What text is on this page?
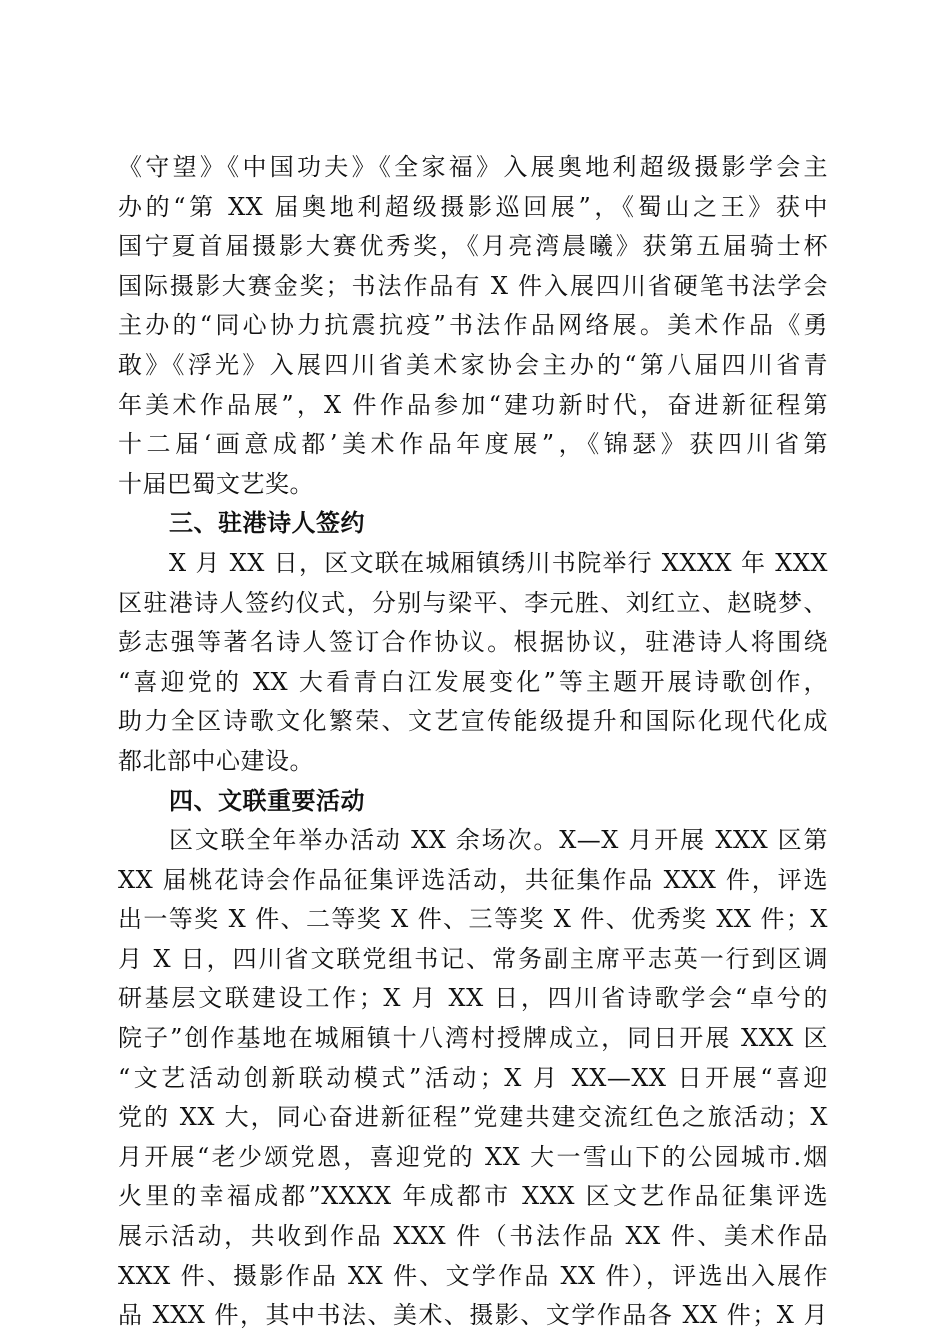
《守望》《中国功夫》《全家福》入展奥地利超级摄影学会主
办的“第 XX 届奥地利超级摄影巡回展”，《蜀山之王》获中
国宁夏首届摄影大赛优秀奖，《月亮湾晨曦》获第五届骑士杯
国际摄影大赛金奖；书法作品有 X 件入展四川省硬笔书法学会
主办的“同心协力抗震抗疫”书法作品网络展。美术作品《勇
敢》《浮光》入展四川省美术家协会主办的“第八届四川省青
年美术作品展”，X 件作品参加“建功新时代，奋进新征程第
十二届‘画意成都’美术作品年度展”，《锦瑟》获四川省第
十届巴蜀文艺奖。
三、驻港诗人签约
X 月 XX 日，区文联在城厢镇绣川书院举行 XXXX 年 XXX
区驻港诗人签约仪式，分别与梁平、李元胜、刘红立、赵晓梦、
彭志强等著名诗人签订合作协议。根据协议，驻港诗人将围绕
“喜迎党的 XX 大看青白江发展变化”等主题开展诗歌创作，
助力全区诗歌文化繁荣、文艺宣传能级提升和国际化现代化成
都北部中心建设。
四、文联重要活动
区文联全年举办活动 XX 余场次。X—X 月开展 XXX 区第
XX 届桃花诗会作品征集评选活动，共征集作品 XXX 件，评选
出一等奖 X 件、二等奖 X 件、三等奖 X 件、优秀奖 XX 件；X
月 X 日，四川省文联党组书记、常务副主席平志英一行到区调
研基层文联建设工作；X 月 XX 日，四川省诗歌学会“卓兮的
院子”创作基地在城厢镇十八湾村授牌成立，同日开展 XXX 区
“文艺活动创新联动模式”活动；X 月 XX—XX 日开展“喜迎
党的 XX 大，同心奋进新征程”党建共建交流红色之旅活动；X
月开展“老少颂党恩，喜迎党的 XX 大一雪山下的公园城市.烟
火里的幸福成都”XXXX 年成都市 XXX 区文艺作品征集评选
展示活动，共收到作品 XXX 件（书法作品 XX 件、美术作品
XXX 件、摄影作品 XX 件、文学作品 XX 件），评选出入展作
品 XXX 件，其中书法、美术、摄影、文学作品各 XX 件；X 月
